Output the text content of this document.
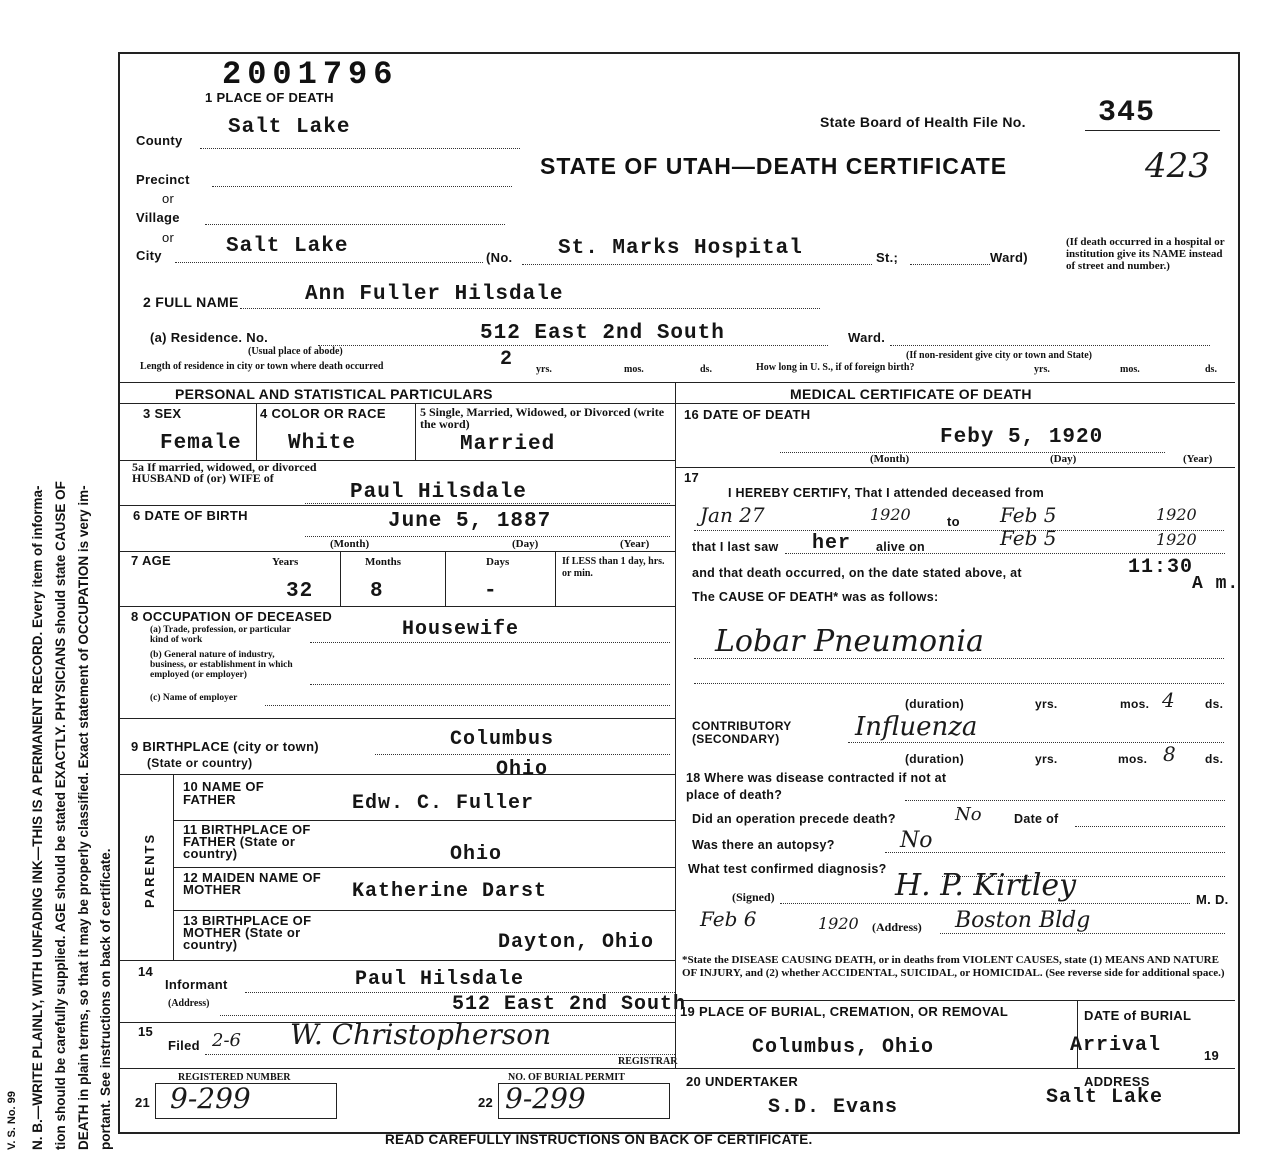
N. B.—WRITE PLAINLY, WITH UNFADING INK—THIS IS A PERMANENT RECORD. Every item of informa- tion should be carefully supplied. AGE should be stated EXACTLY. PHYSICIANS should state CAUSE OF DEATH in plain terms, so that it may be properly classified. Exact statement of OCCUPATION is very im- portant. See instructions on back of certificate.
V. S. No. 99
2001796
1 PLACE OF DEATH
State Board of Health File No. 345
STATE OF UTAH—DEATH CERTIFICATE	423
County
Salt Lake
Precinct
or
Village
or
City	Salt Lake	(No. St. Marks Hospital	St.;	Ward)
(If death occurred in a hospital or institution give its NAME instead of street and number.)
2 FULL NAME	Ann Fuller Hilsdale
(a) Residence. No.	512 East 2nd South	Ward.
(Usual place of abode)
Length of residence in city or town where death occurred	2 yrs.	mos.	ds.	How long in U. S., if of foreign birth?
(If non-resident give city or town and State)
yrs.	mos.	ds.
PERSONAL AND STATISTICAL PARTICULARS
3 SEX
Female
4 COLOR OR RACE
White
5 Single, Married, Widowed, or Divorced (write the word)
Married
5a If married, widowed, or divorced HUSBAND of (or) WIFE of
Paul Hilsdale
6 DATE OF BIRTH	June 5, 1887
(Month)	(Day)	(Year)
7 AGE	Years	Months	Days
32	8	-
If LESS than 1 day, hrs. or min.
8 OCCUPATION OF DECEASED
Housewife
(a) Trade, profession, or particular kind of work
(b) General nature of industry, business, or establishment in which employed (or employer)
(c) Name of employer
9 BIRTHPLACE (city or town)
(State or country)
Columbus
Ohio
PARENTS
10 NAME OF FATHER	Edw. C. Fuller
11 BIRTHPLACE OF FATHER (State or country)	Ohio
12 MAIDEN NAME OF MOTHER	Katherine Darst
13 BIRTHPLACE OF MOTHER (State or country)	Dayton, Ohio
14
Informant	Paul Hilsdale
(Address)	512 East 2nd South
15
Filed 2-6 W. Christopherson
REGISTRAR
REGISTERED NUMBER
21 9-299
NO. OF BURIAL PERMIT
22 9-299
MEDICAL CERTIFICATE OF DEATH
16 DATE OF DEATH
Feby 5, 1920
(Month)	(Day)	(Year)
17
I HEREBY CERTIFY, That I attended deceased from
Jan 27	1920	to Feb 5	1920
that I last saw her alive on	Feb 5	1920
and that death occurred, on the date stated above, at	11:30
A m.
The CAUSE OF DEATH* was as follows:
Lobar Pneumonia
(duration)	yrs.	mos. 4	ds.
CONTRIBUTORY (SECONDARY)	Influenza
(duration)	yrs.	mos. 8 ds.
18 Where was disease contracted if not at place of death?
Did an operation precede death?	No	Date of
Was there an autopsy?	No
What test confirmed diagnosis?
(Signed)	H. P. Kirtley	M. D.
Feb 6	1920 (Address) Boston Bldg
*State the DISEASE CAUSING DEATH, or in deaths from VIOLENT CAUSES, state (1) MEANS AND NATURE OF INJURY, and (2) whether ACCIDENTAL, SUICIDAL, or HOMICIDAL. (See reverse side for additional space.)
19 PLACE OF BURIAL, CREMATION, OR REMOVAL
Columbus, Ohio
DATE of BURIAL
Arrival	19
20 UNDERTAKER
S.D. Evans
ADDRESS
Salt Lake
READ CAREFULLY INSTRUCTIONS ON BACK OF CERTIFICATE.
